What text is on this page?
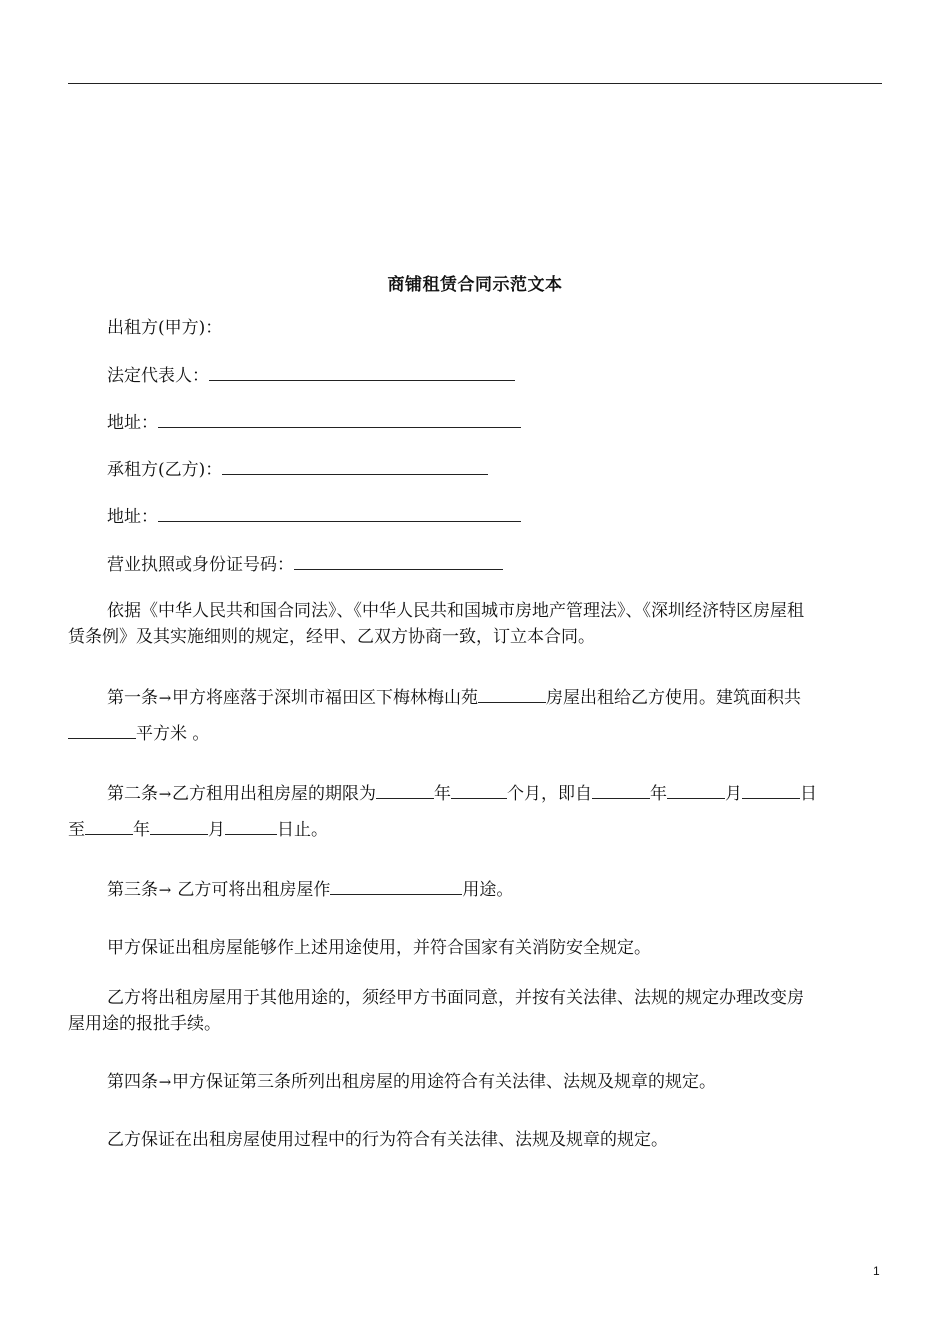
商铺租赁合同示范文本
出租方(甲方)：
法定代表人：
地址：
承租方(乙方)：
地址：
营业执照或身份证号码：
依据《中华人民共和国合同法》、《中华人民共和国城市房地产管理法》、《深圳经济特区房屋租
赁条例》及其实施细则的规定，经甲、乙双方协商一致，订立本合同。
第一条→甲方将座落于深圳市福田区下梅林梅山苑	房屋出租给乙方使用。建筑面积共
平方米 。
第二条→乙方租用出租房屋的期限为	年	个月，即自	年	月	日
至	年	月	日止。
第三条→ 乙方可将出租房屋作	用途。
甲方保证出租房屋能够作上述用途使用，并符合国家有关消防安全规定。
乙方将出租房屋用于其他用途的，须经甲方书面同意，并按有关法律、法规的规定办理改变房
屋用途的报批手续。
第四条→甲方保证第三条所列出租房屋的用途符合有关法律、法规及规章的规定。
乙方保证在出租房屋使用过程中的行为符合有关法律、法规及规章的规定。
1
